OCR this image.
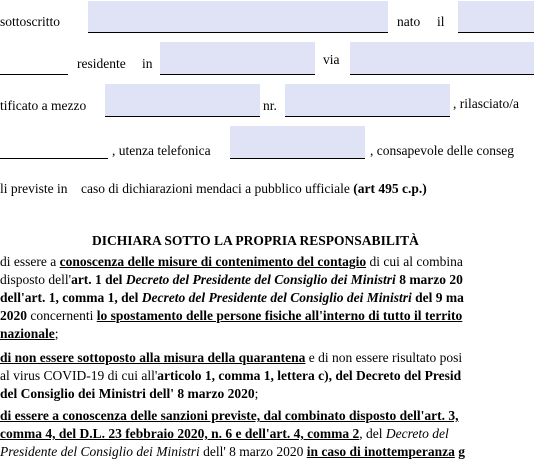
sottoscritto	nato il
residente in	via
tificato a mezzo	nr.	, rilasciato/a
, utenza telefonica	, consapevole delle conseg
li previste in    caso di dichiarazioni mendaci a pubblico ufficiale (art 495 c.p.)
DICHIARA SOTTO LA PROPRIA RESPONSABILITÀ
di essere a conoscenza delle misure di contenimento del contagio di cui al combina
disposto dell'art. 1 del Decreto del Presidente del Consiglio dei Ministri 8 marzo 20
dell'art. 1, comma 1, del Decreto del Presidente del Consiglio dei Ministri del 9 ma
2020 concernenti lo spostamento delle persone fisiche all'interno di tutto il territo
nazionale;
di non essere sottoposto alla misura della quarantena e di non essere risultato posi
al virus COVID-19 di cui all'articolo 1, comma 1, lettera c), del Decreto del Presid
del Consiglio dei Ministri dell' 8 marzo 2020;
di essere a conoscenza delle sanzioni previste, dal combinato disposto dell'art. 3,
comma 4, del D.L. 23 febbraio 2020, n. 6 e dell'art. 4, comma 2, del Decreto del
Presidente del Consiglio dei Ministri dell' 8 marzo 2020 in caso di inottemperanza g
